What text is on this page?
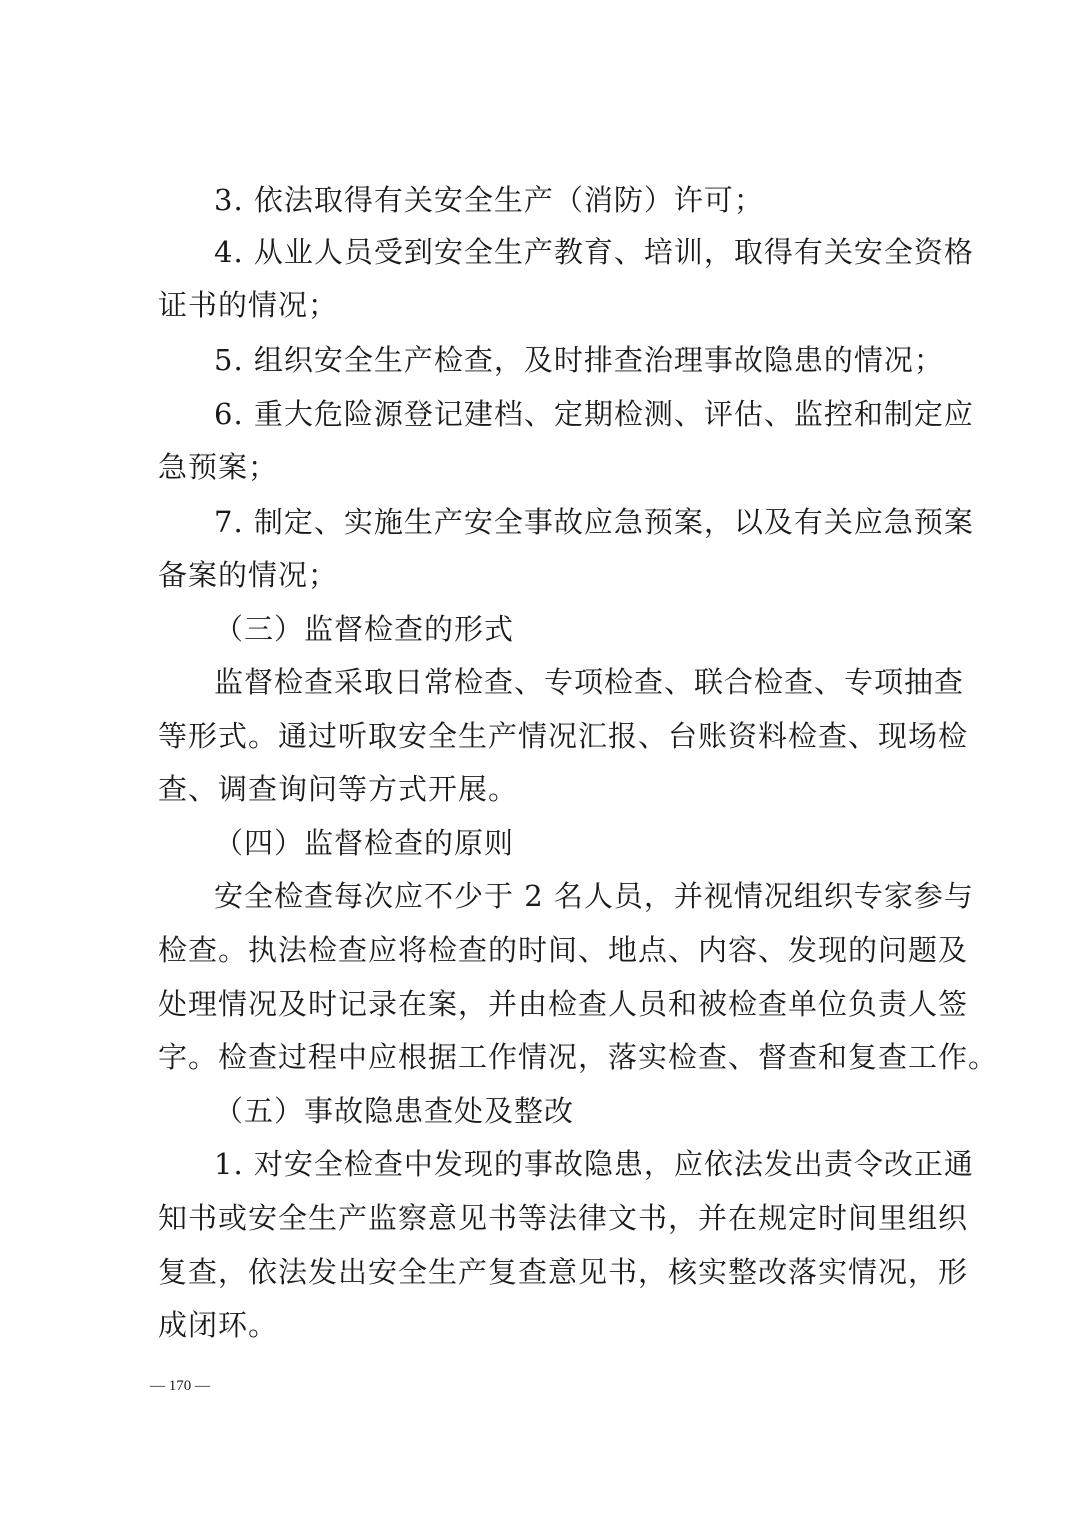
3. 依法取得有关安全生产（消防）许可；
4. 从业人员受到安全生产教育、培训，取得有关安全资格
证书的情况；
5. 组织安全生产检查，及时排查治理事故隐患的情况；
6. 重大危险源登记建档、定期检测、评估、监控和制定应
急预案；
7. 制定、实施生产安全事故应急预案，以及有关应急预案
备案的情况；
（三）监督检查的形式
监督检查采取日常检查、专项检查、联合检查、专项抽查
等形式。通过听取安全生产情况汇报、台账资料检查、现场检
查、调查询问等方式开展。
（四）监督检查的原则
安全检查每次应不少于 2 名人员，并视情况组织专家参与
检查。执法检查应将检查的时间、地点、内容、发现的问题及
处理情况及时记录在案，并由检查人员和被检查单位负责人签
字。检查过程中应根据工作情况，落实检查、督查和复查工作。
（五）事故隐患查处及整改
1. 对安全检查中发现的事故隐患，应依法发出责令改正通
知书或安全生产监察意见书等法律文书，并在规定时间里组织
复查，依法发出安全生产复查意见书，核实整改落实情况，形
成闭环。
— 170 —
